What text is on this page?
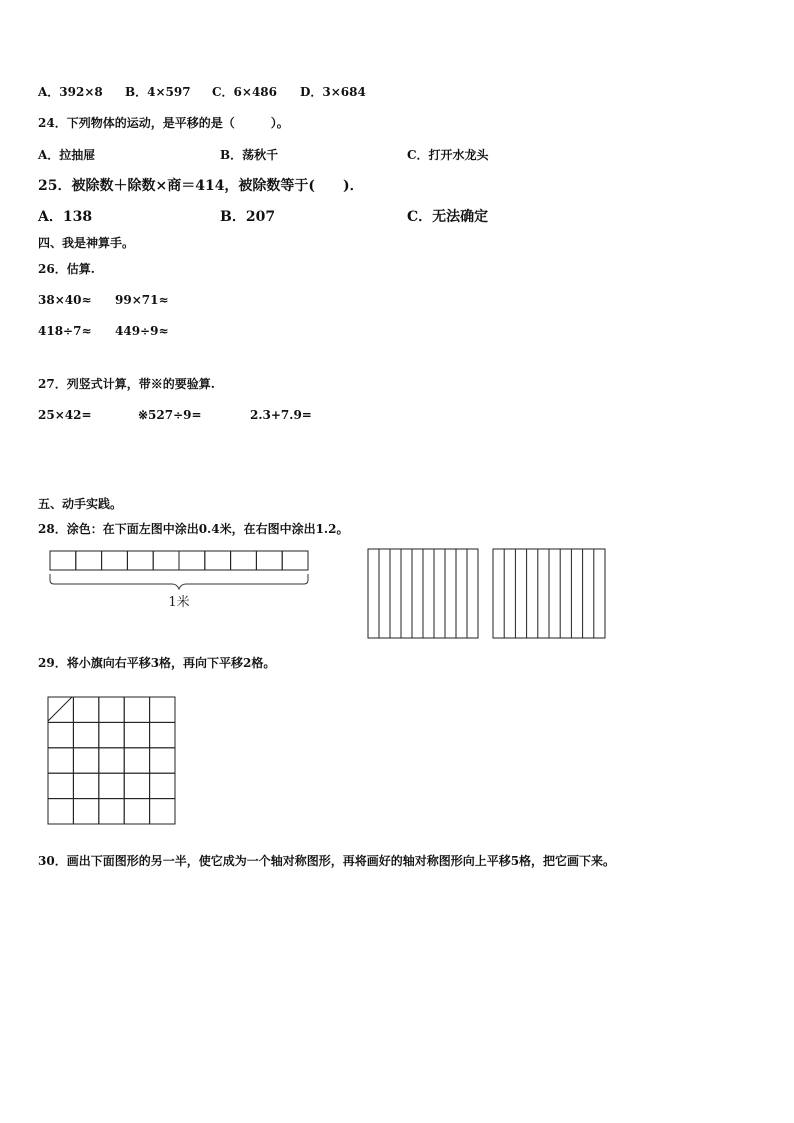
A．392×8 B．4×597 C．6×486 D．3×684
24．下列物体的运动，是平移的是（　　　）。
A．拉抽屉	B．荡秋千	C．打开水龙头
25．被除数＋除数×商＝414，被除数等于(　　)．
A．138	B．207	C．无法确定
四、我是神算手。
26．估算.
38×40≈ 99×71≈
418÷7≈ 449÷9≈
27．列竖式计算，带※的要验算.
25×42=	※527÷9=	2.3+7.9=
五、动手实践。
28．涂色：在下面左图中涂出0.4米，在右图中涂出1.2。
1米
29．将小旗向右平移3格，再向下平移2格。
30．画出下面图形的另一半，使它成为一个轴对称图形，再将画好的轴对称图形向上平移5格，把它画下来。
